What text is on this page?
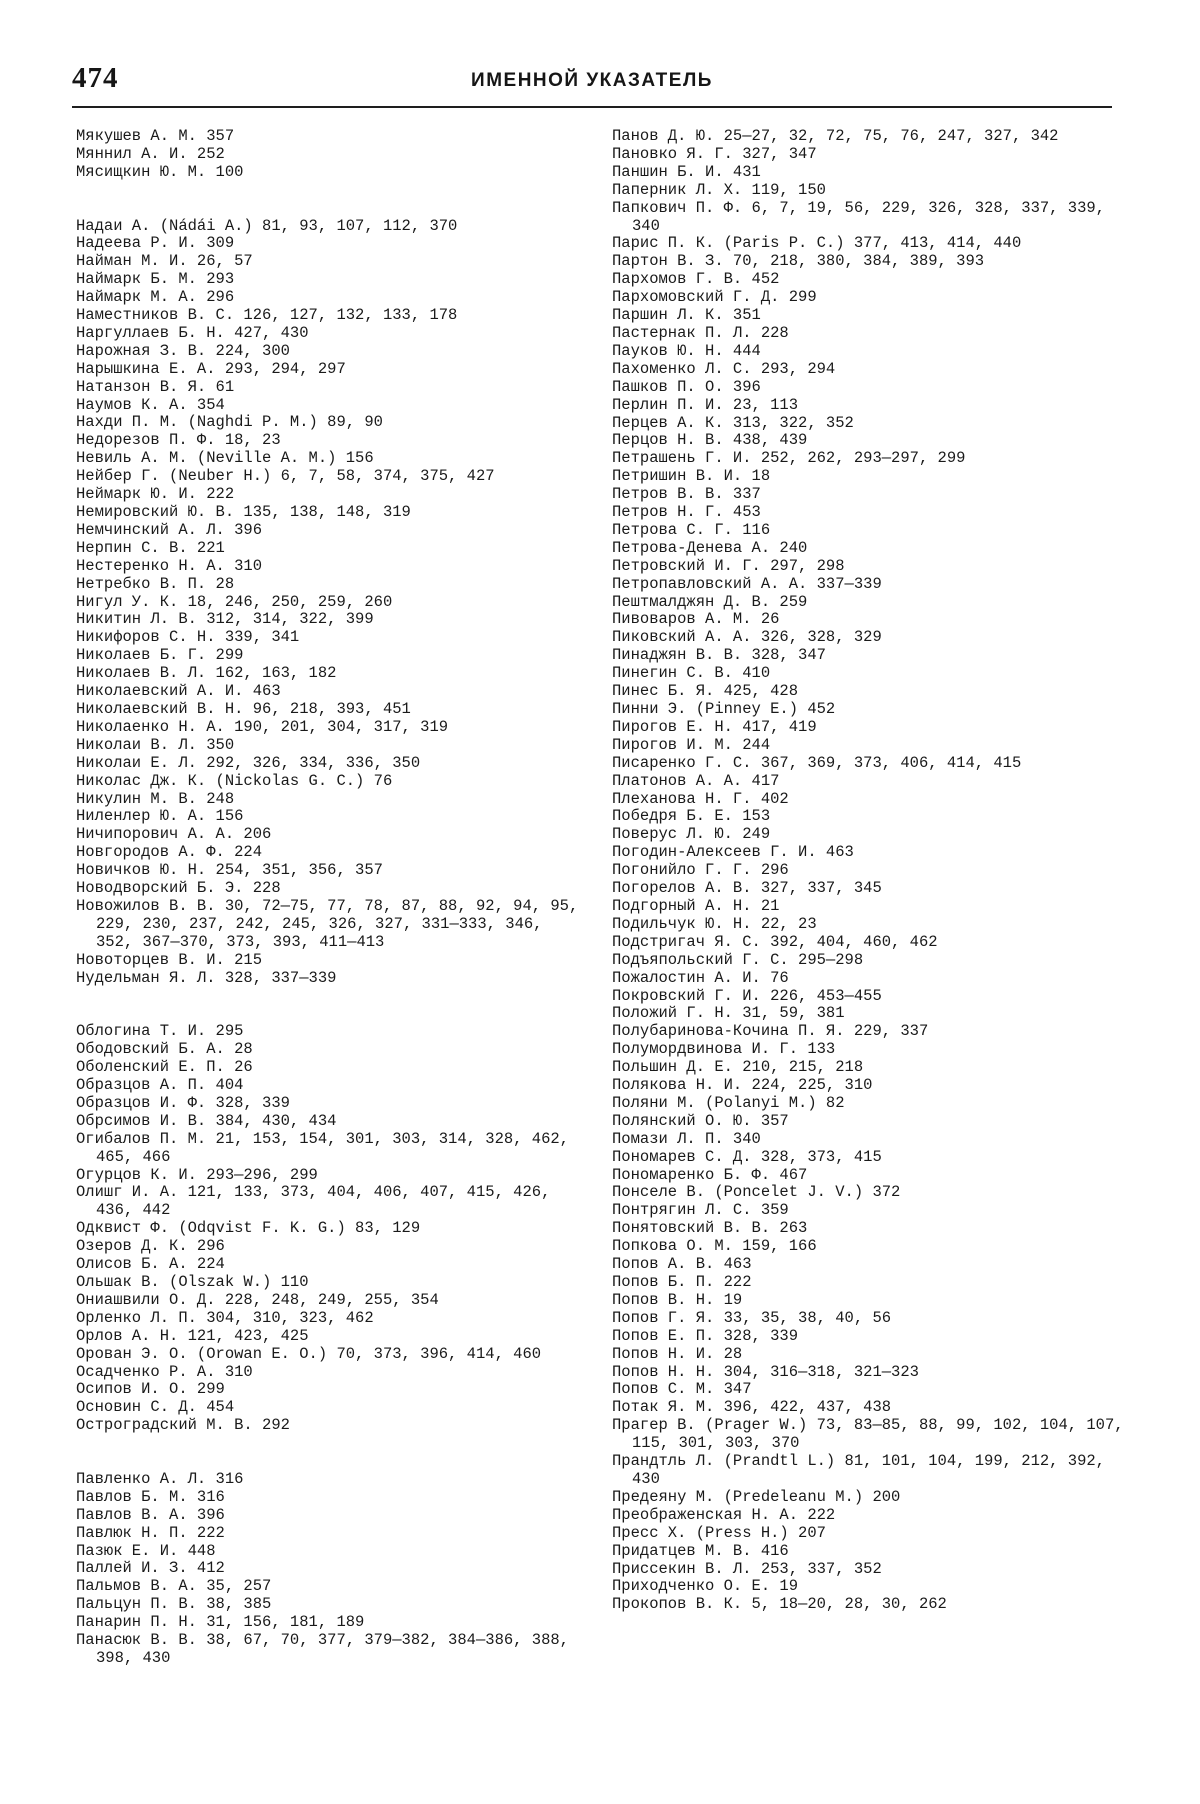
474	ИМЕННОЙ УКАЗАТЕЛЬ
Мякушев А. М. 357
Мяннил А. И. 252
Мясищкин Ю. М. 100
Надаи А. (Nádái А.) 81, 93, 107, 112, 370
Надеева Р. И. 309
Найман М. И. 26, 57
Наймарк Б. М. 293
Наймарк М. А. 296
Наместников В. С. 126, 127, 132, 133, 178
Наргуллаев Б. Н. 427, 430
Нарожная З. В. 224, 300
Нарышкина Е. А. 293, 294, 297
Натанзон В. Я. 61
Наумов К. А. 354
Нахди П. М. (Naghdi Р. М.) 89, 90
Недорезов П. Ф. 18, 23
Невиль А. М. (Neville А. М.) 156
Нейбер Г. (Neuber Н.) 6, 7, 58, 374, 375, 427
Неймарк Ю. И. 222
Немировский Ю. В. 135, 138, 148, 319
Немчинский А. Л. 396
Нерпин С. В. 221
Нестеренко Н. А. 310
Нетребко В. П. 28
Нигул У. К. 18, 246, 250, 259, 260
Никитин Л. В. 312, 314, 322, 399
Никифоров С. Н. 339, 341
Николаев Б. Г. 299
Николаев В. Л. 162, 163, 182
Николаевский А. И. 463
Николаевский В. Н. 96, 218, 393, 451
Николаенко Н. А. 190, 201, 304, 317, 319
Николаи В. Л. 350
Николаи Е. Л. 292, 326, 334, 336, 350
Николас Дж. К. (Nickolas G. С.) 76
Никулин М. В. 248
Ниленлер Ю. А. 156
Ничипорович А. А. 206
Новгородов А. Ф. 224
Новичков Ю. Н. 254, 351, 356, 357
Новодворский Б. Э. 228
Новожилов В. В. 30, 72—75, 77, 78, 87, 88, 92, 94, 95, 229, 230, 237, 242, 245, 326, 327, 331—333, 346, 352, 367—370, 373, 393, 411—413
Новоторцев В. И. 215
Нудельман Я. Л. 328, 337—339
Облогина Т. И. 295
Ободовский Б. А. 28
Оболенский Е. П. 26
Образцов А. П. 404
Образцов И. Ф. 328, 339
Обрсимов И. В. 384, 430, 434
Огибалов П. М. 21, 153, 154, 301, 303, 314, 328, 462, 465, 466
Огурцов К. И. 293—296, 299
Олишг И. А. 121, 133, 373, 404, 406, 407, 415, 426, 436, 442
Одквист Ф. (Odqvist F. K. G.) 83, 129
Озеров Д. К. 296
Олисов Б. А. 224
Ольшак В. (Olszak W.) 110
Ониашвили О. Д. 228, 248, 249, 255, 354
Орленко Л. П. 304, 310, 323, 462
Орлов А. Н. 121, 423, 425
Орован Э. О. (Orowan E. O.) 70, 373, 396, 414, 460
Осадченко Р. А. 310
Осипов И. О. 299
Основин С. Д. 454
Остроградский М. В. 292
Павленко А. Л. 316
Павлов Б. М. 316
Павлов В. А. 396
Павлюк Н. П. 222
Пазюк Е. И. 448
Паллей И. З. 412
Пальмов В. А. 35, 257
Пальцун П. В. 38, 385
Панарин П. Н. 31, 156, 181, 189
Панасюк В. В. 38, 67, 70, 377, 379—382, 384—386, 388, 398, 430
Панов Д. Ю. 25—27, 32, 72, 75, 76, 247, 327, 342
Пановко Я. Г. 327, 347
Паншин Б. И. 431
Паперник Л. Х. 119, 150
Папкович П. Ф. 6, 7, 19, 56, 229, 326, 328, 337, 339, 340
Парис П. К. (Paris Р. С.) 377, 413, 414, 440
Партон В. З. 70, 218, 380, 384, 389, 393
Пархомов Г. В. 452
Пархомовский Г. Д. 299
Паршин Л. К. 351
Пастернак П. Л. 228
Пауков Ю. Н. 444
Пахоменко Л. С. 293, 294
Пашков П. О. 396
Перлин П. И. 23, 113
Перцев А. К. 313, 322, 352
Перцов Н. В. 438, 439
Петрашень Г. И. 252, 262, 293—297, 299
Петришин В. И. 18
Петров В. В. 337
Петров Н. Г. 453
Петрова С. Г. 116
Петрова-Денева А. 240
Петровский И. Г. 297, 298
Петропавловский А. А. 337—339
Пештмалджян Д. В. 259
Пивоваров А. М. 26
Пиковский А. А. 326, 328, 329
Пинаджян В. В. 328, 347
Пинегин С. В. 410
Пинес Б. Я. 425, 428
Пинни Э. (Pinney Е.) 452
Пирогов Е. Н. 417, 419
Пирогов И. М. 244
Писаренко Г. С. 367, 369, 373, 406, 414, 415
Платонов А. А. 417
Плеханова Н. Г. 402
Победря Б. Е. 153
Поверус Л. Ю. 249
Погодин-Алексеев Г. И. 463
Погонийло Г. Г. 296
Погорелов А. В. 327, 337, 345
Подгорный А. Н. 21
Подильчук Ю. Н. 22, 23
Подстригач Я. С. 392, 404, 460, 462
Подъяпольский Г. С. 295—298
Пожалостин А. И. 76
Покровский Г. И. 226, 453—455
Положий Г. Н. 31, 59, 381
Полубаринова-Кочина П. Я. 229, 337
Полумордвинова И. Г. 133
Польшин Д. Е. 210, 215, 218
Полякова Н. И. 224, 225, 310
Поляни М. (Polanyi М.) 82
Полянский О. Ю. 357
Помази Л. П. 340
Пономарев С. Д. 328, 373, 415
Пономаренко Б. Ф. 467
Понселе В. (Poncelet J. V.) 372
Понтрягин Л. С. 359
Понятовский В. В. 263
Попкова О. М. 159, 166
Попов А. В. 463
Попов Б. П. 222
Попов В. Н. 19
Попов Г. Я. 33, 35, 38, 40, 56
Попов Е. П. 328, 339
Попов Н. И. 28
Попов Н. Н. 304, 316—318, 321—323
Попов С. М. 347
Потак Я. М. 396, 422, 437, 438
Прагер В. (Prager W.) 73, 83—85, 88, 99, 102, 104, 107, 115, 301, 303, 370
Прандтль Л. (Prandtl L.) 81, 101, 104, 199, 212, 392, 430
Предеяну М. (Predeleanu М.) 200
Преображенская Н. А. 222
Пресс Х. (Press Н.) 207
Придатцев М. В. 416
Приссекин В. Л. 253, 337, 352
Приходченко О. Е. 19
Прокопов В. К. 5, 18—20, 28, 30, 262
